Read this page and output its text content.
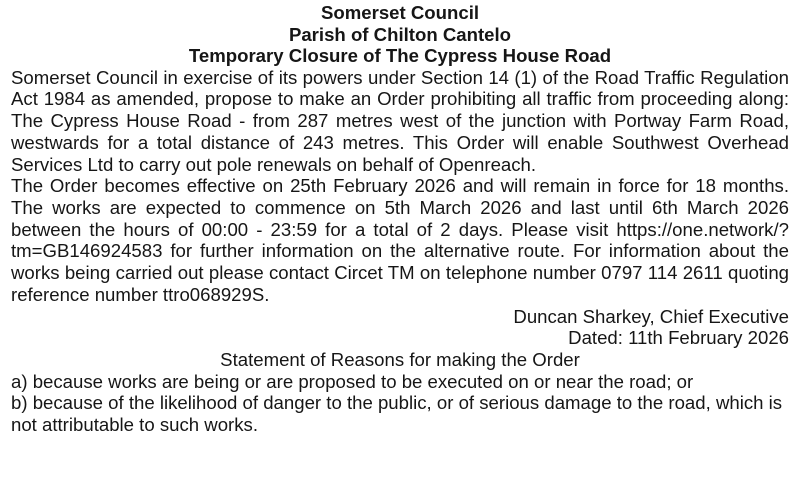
Somerset Council
Parish of Chilton Cantelo
Temporary Closure of The Cypress House Road

Somerset Council in exercise of its powers under Section 14 (1) of the Road Traffic Regulation Act 1984 as amended, propose to make an Order prohibiting all traffic from proceeding along: The Cypress House Road - from 287 metres west of the junction with Portway Farm Road, westwards for a total distance of 243 metres. This Order will enable Southwest Overhead Services Ltd to carry out pole renewals on behalf of Openreach.

The Order becomes effective on 25th February 2026 and will remain in force for 18 months. The works are expected to commence on 5th March 2026 and last until 6th March 2026 between the hours of 00:00 - 23:59 for a total of 2 days. Please visit https://one.network/?tm=GB146924583 for further information on the alternative route. For information about the works being carried out please contact Circet TM on telephone number 0797 114 2611 quoting reference number ttro068929S.

Duncan Sharkey, Chief Executive
Dated: 11th February 2026
Statement of Reasons for making the Order

a) because works are being or are proposed to be executed on or near the road; or

b) because of the likelihood of danger to the public, or of serious damage to the road, which is not attributable to such works.
